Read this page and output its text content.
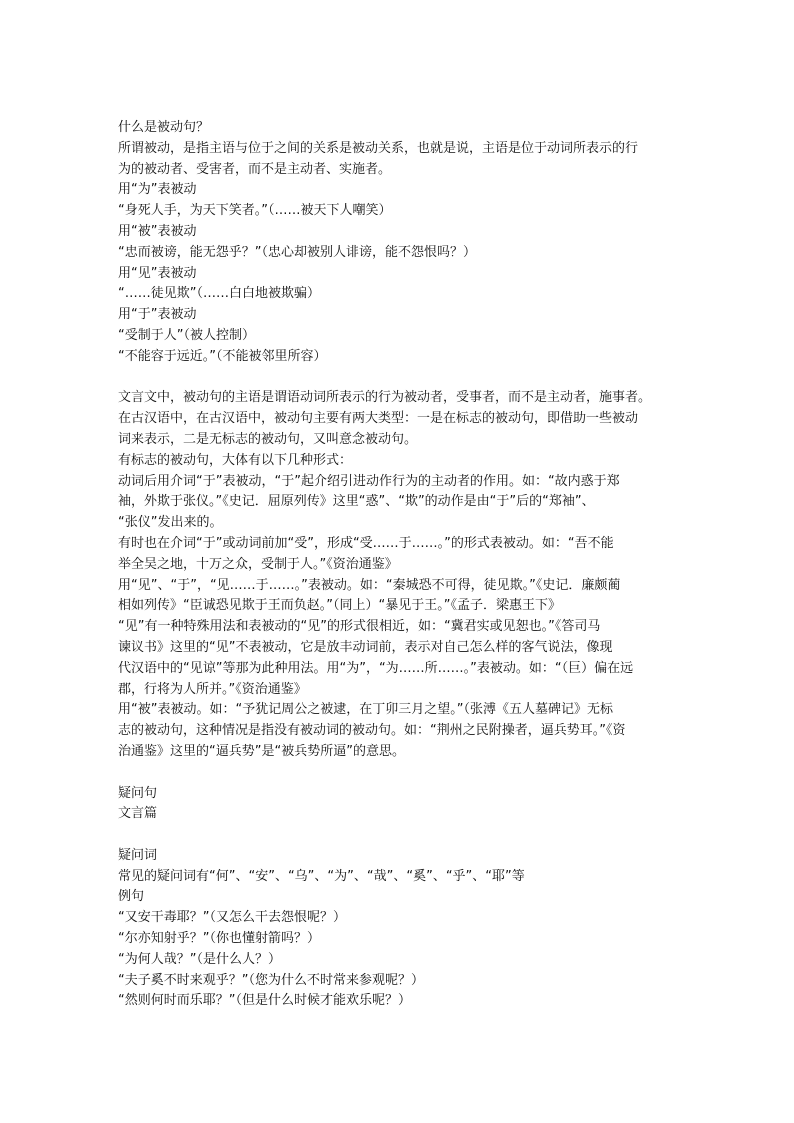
什么是被动句？
所谓被动，是指主语与位于之间的关系是被动关系，也就是说，主语是位于动词所表示的行
为的被动者、受害者，而不是主动者、实施者。
用“为”表被动
“身死人手，为天下笑者。”（……被天下人嘲笑）
用“被”表被动
“忠而被谤，能无怨乎？”（忠心却被别人诽谤，能不怨恨吗？）
用“见”表被动
“……徒见欺”（……白白地被欺骗）
用“于”表被动
“受制于人”（被人控制）
“不能容于远近。”（不能被邻里所容）
文言文中，被动句的主语是谓语动词所表示的行为被动者，受事者，而不是主动者，施事者。
在古汉语中，在古汉语中，被动句主要有两大类型：一是在标志的被动句，即借助一些被动
词来表示，二是无标志的被动句，又叫意念被动句。
有标志的被动句，大体有以下几种形式：
动词后用介词“于”表被动，“于”起介绍引进动作行为的主动者的作用。如：“故内惑于郑
袖，外欺于张仪。”《史记．屈原列传》这里“惑”、“欺”的动作是由“于”后的“郑袖”、
“张仪”发出来的。
有时也在介词“于”或动词前加“受”，形成“受……于……。”的形式表被动。如：“吾不能
举全吴之地，十万之众，受制于人。”《资治通鉴》
用“见”、“于”，“见……于……。”表被动。如：“秦城恐不可得，徒见欺。”《史记．廉颇蔺
相如列传》“臣诚恐见欺于王而负赵。”（同上）“暴见于王。”《孟子．梁惠王下》
“见”有一种特殊用法和表被动的“见”的形式很相近，如：“冀君实或见恕也。”《答司马
谏议书》这里的“见”不表被动，它是放丰动词前，表示对自己怎么样的客气说法，像现
代汉语中的“见谅”等那为此种用法。用“为”，“为……所……。”表被动。如：“（巨）偏在远
郡，行将为人所并。”《资治通鉴》
用“被”表被动。如：“予犹记周公之被逮，在丁卯三月之望。”（张溥《五人墓碑记》无标
志的被动句，这种情况是指没有被动词的被动句。如：“荆州之民附操者，逼兵势耳。”《资
治通鉴》这里的“逼兵势”是“被兵势所逼”的意思。
疑问句
文言篇
疑问词
常见的疑问词有“何”、“安”、“乌”、“为”、“哉”、“奚”、“乎”、“耶”等
例句
“又安干毒耶？”（又怎么干去怨恨呢？）
“尔亦知射乎？”（你也懂射箭吗？）
“为何人哉？”（是什么人？）
“夫子奚不时来观乎？”（您为什么不时常来参观呢？）
“然则何时而乐耶？”（但是什么时候才能欢乐呢？）
